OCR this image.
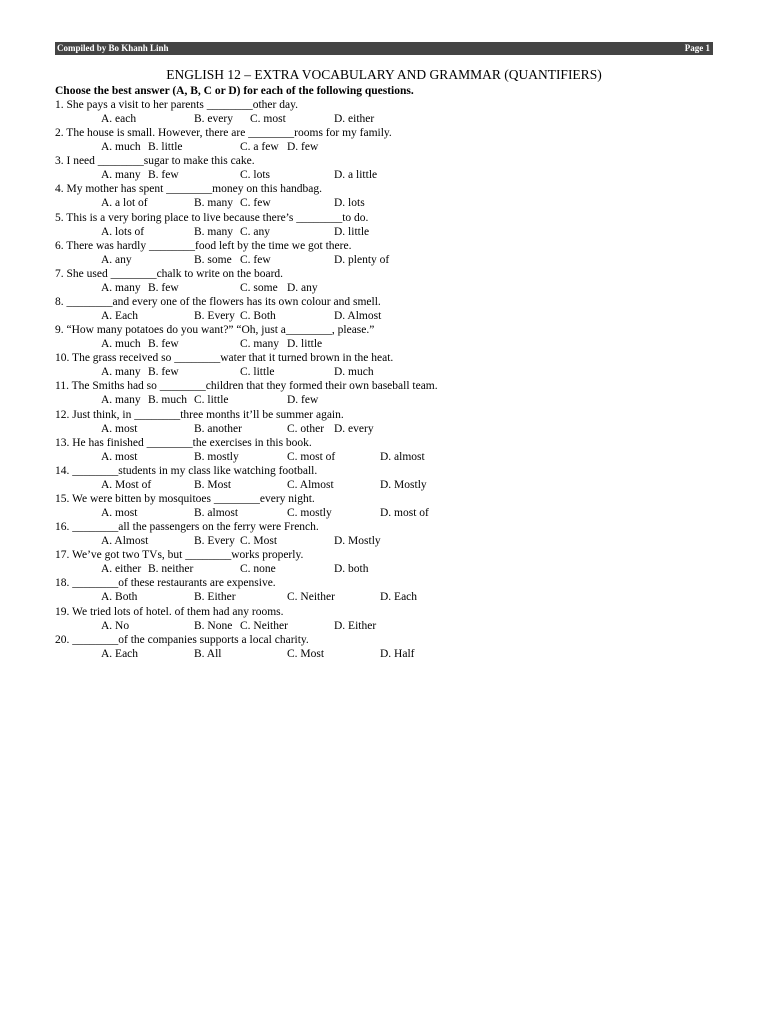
Compiled by Bo Khanh Linh	Page 1
ENGLISH 12 – EXTRA VOCABULARY AND GRAMMAR (QUANTIFIERS)
Choose the best answer (A, B, C or D) for each of the following questions.
1. She pays a visit to her parents ________other day.
A. each	B. every C. most	D. either
2. The house is small. However, there are ________rooms for my family.
A. much B. little	C. a few D. few
3. I need ________sugar to make this cake.
A. many B. few	C. lots	D. a little
4. My mother has spent ________money on this handbag.
A. a lot of	B. many C. few	D. lots
5. This is a very boring place to live because there’s ________to do.
A. lots of	B. many C. any	D. little
6. There was hardly ________food left by the time we got there.
A. any	B. some C. few	D. plenty of
7. She used ________chalk to write on the board.
A. many B. few	C. some D. any
8. ________and every one of the flowers has its own colour and smell.
A. Each	B. Every C. Both	D. Almost
9. “How many potatoes do you want?” “Oh, just a________, please.”
A. much B. few	C. many D. little
10. The grass received so ________water that it turned brown in the heat.
A. many B. few	C. little	D. much
11. The Smiths had so ________children that they formed their own baseball team.
A. many B. much C. little	D. few
12. Just think, in ________three months it’ll be summer again.
A. most	B. another	C. other D. every
13. He has finished ________the exercises in this book.
A. most	B. mostly	C. most of	D. almost
14. ________students in my class like watching football.
A. Most of	B. Most	C. Almost	D. Mostly
15. We were bitten by mosquitoes ________every night.
A. most	B. almost	C. mostly	D. most of
16. ________all the passengers on the ferry were French.
A. Almost	B. Every C. Most	D. Mostly
17. We’ve got two TVs, but ________works properly.
A. either B. neither	C. none	D. both
18. ________of these restaurants are expensive.
A. Both	B. Either	C. Neither	D. Each
19. We tried lots of hotel. of them had any rooms.
A. No	B. None C. Neither	D. Either
20. ________of the companies supports a local charity.
A. Each	B. All	C. Most	D. Half
